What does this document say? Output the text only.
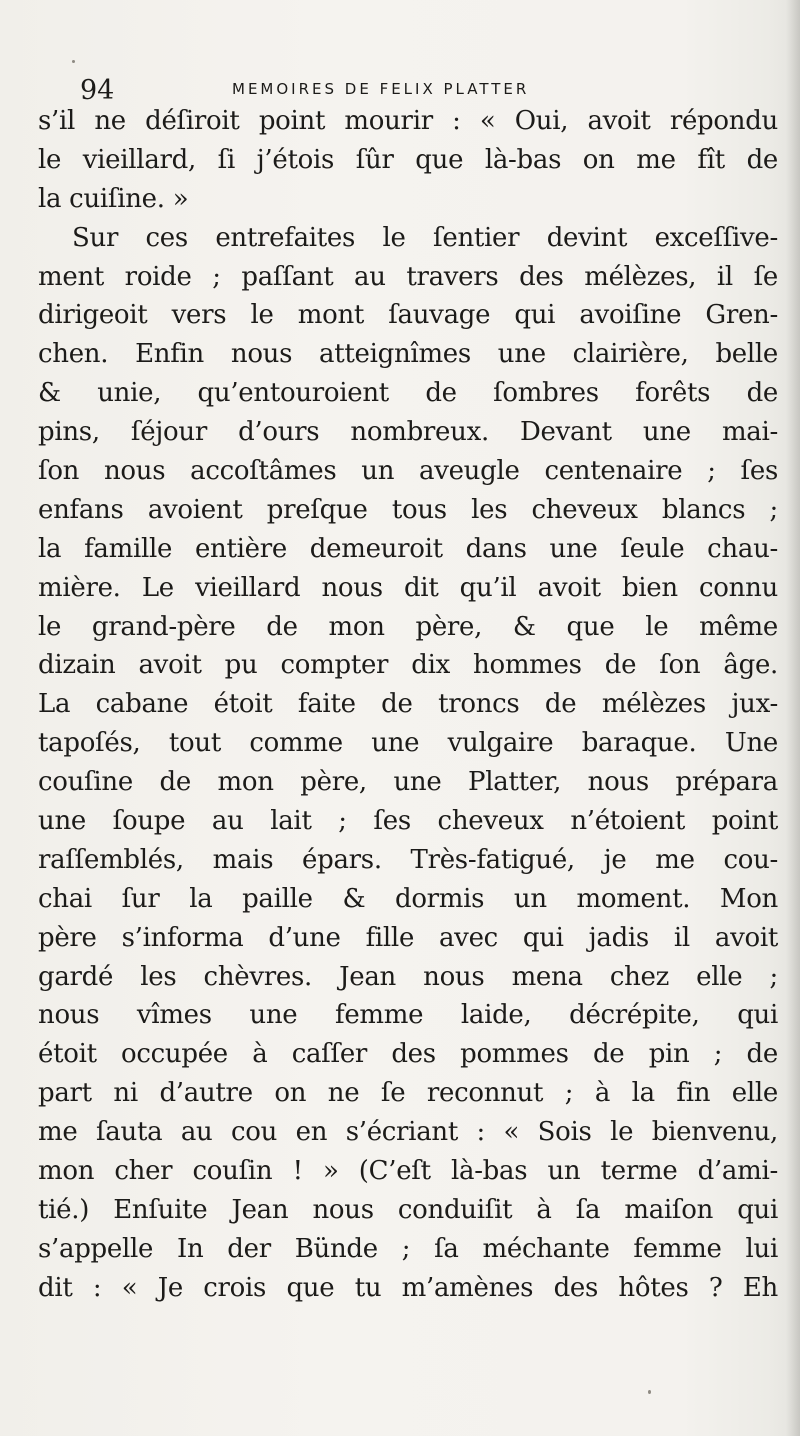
94	MEMOIRES DE FELIX PLATTER
s’il ne déſiroit point mourir : « Oui, avoit répondu
le vieillard, ſi j’étois ſûr que là-bas on me fît de
la cuiſine. »
Sur ces entrefaites le ſentier devint exceſſive-
ment roide ; paſſant au travers des mélèzes, il ſe
dirigeoit vers le mont ſauvage qui avoiſine Gren-
chen. Enfin nous atteignîmes une clairière, belle
& unie, qu’entouroient de ſombres forêts de
pins, ſéjour d’ours nombreux. Devant une mai-
ſon nous accoſtâmes un aveugle centenaire ; ſes
enfans avoient preſque tous les cheveux blancs ;
la famille entière demeuroit dans une ſeule chau-
mière. Le vieillard nous dit qu’il avoit bien connu
le grand-père de mon père, & que le même
dizain avoit pu compter dix hommes de ſon âge.
La cabane étoit faite de troncs de mélèzes jux-
tapoſés, tout comme une vulgaire baraque. Une
couſine de mon père, une Platter, nous prépara
une ſoupe au lait ; ſes cheveux n’étoient point
raſſemblés, mais épars. Très-fatigué, je me cou-
chai ſur la paille & dormis un moment. Mon
père s’informa d’une fille avec qui jadis il avoit
gardé les chèvres. Jean nous mena chez elle ;
nous vîmes une femme laide, décrépite, qui
étoit occupée à caſſer des pommes de pin ; de
part ni d’autre on ne ſe reconnut ; à la fin elle
me ſauta au cou en s’écriant : « Sois le bienvenu,
mon cher couſin ! » (C’eſt là-bas un terme d’ami-
tié.) Enſuite Jean nous conduiſit à ſa maiſon qui
s’appelle In der Bünde ; ſa méchante femme lui
dit : « Je crois que tu m’amènes des hôtes ? Eh
